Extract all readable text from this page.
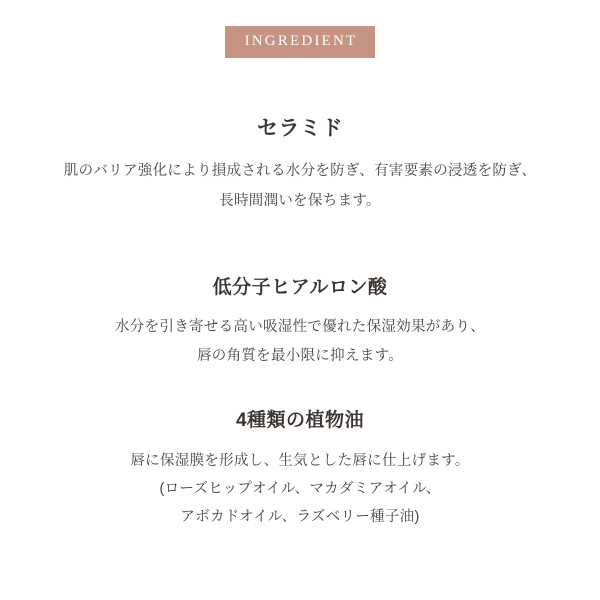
INGREDIENT
セラミド
肌のバリア強化により損成される水分を防ぎ、有害要素の浸透を防ぎ、
長時間潤いを保ちます。
低分子ヒアルロン酸
水分を引き寄せる高い吸湿性で優れた保湿効果があり、
唇の角質を最小限に抑えます。
4種類の植物油
唇に保湿膜を形成し、生気とした唇に仕上げます。
(ローズヒップオイル、マカダミアオイル、
アボカドオイル、ラズベリー種子油)
